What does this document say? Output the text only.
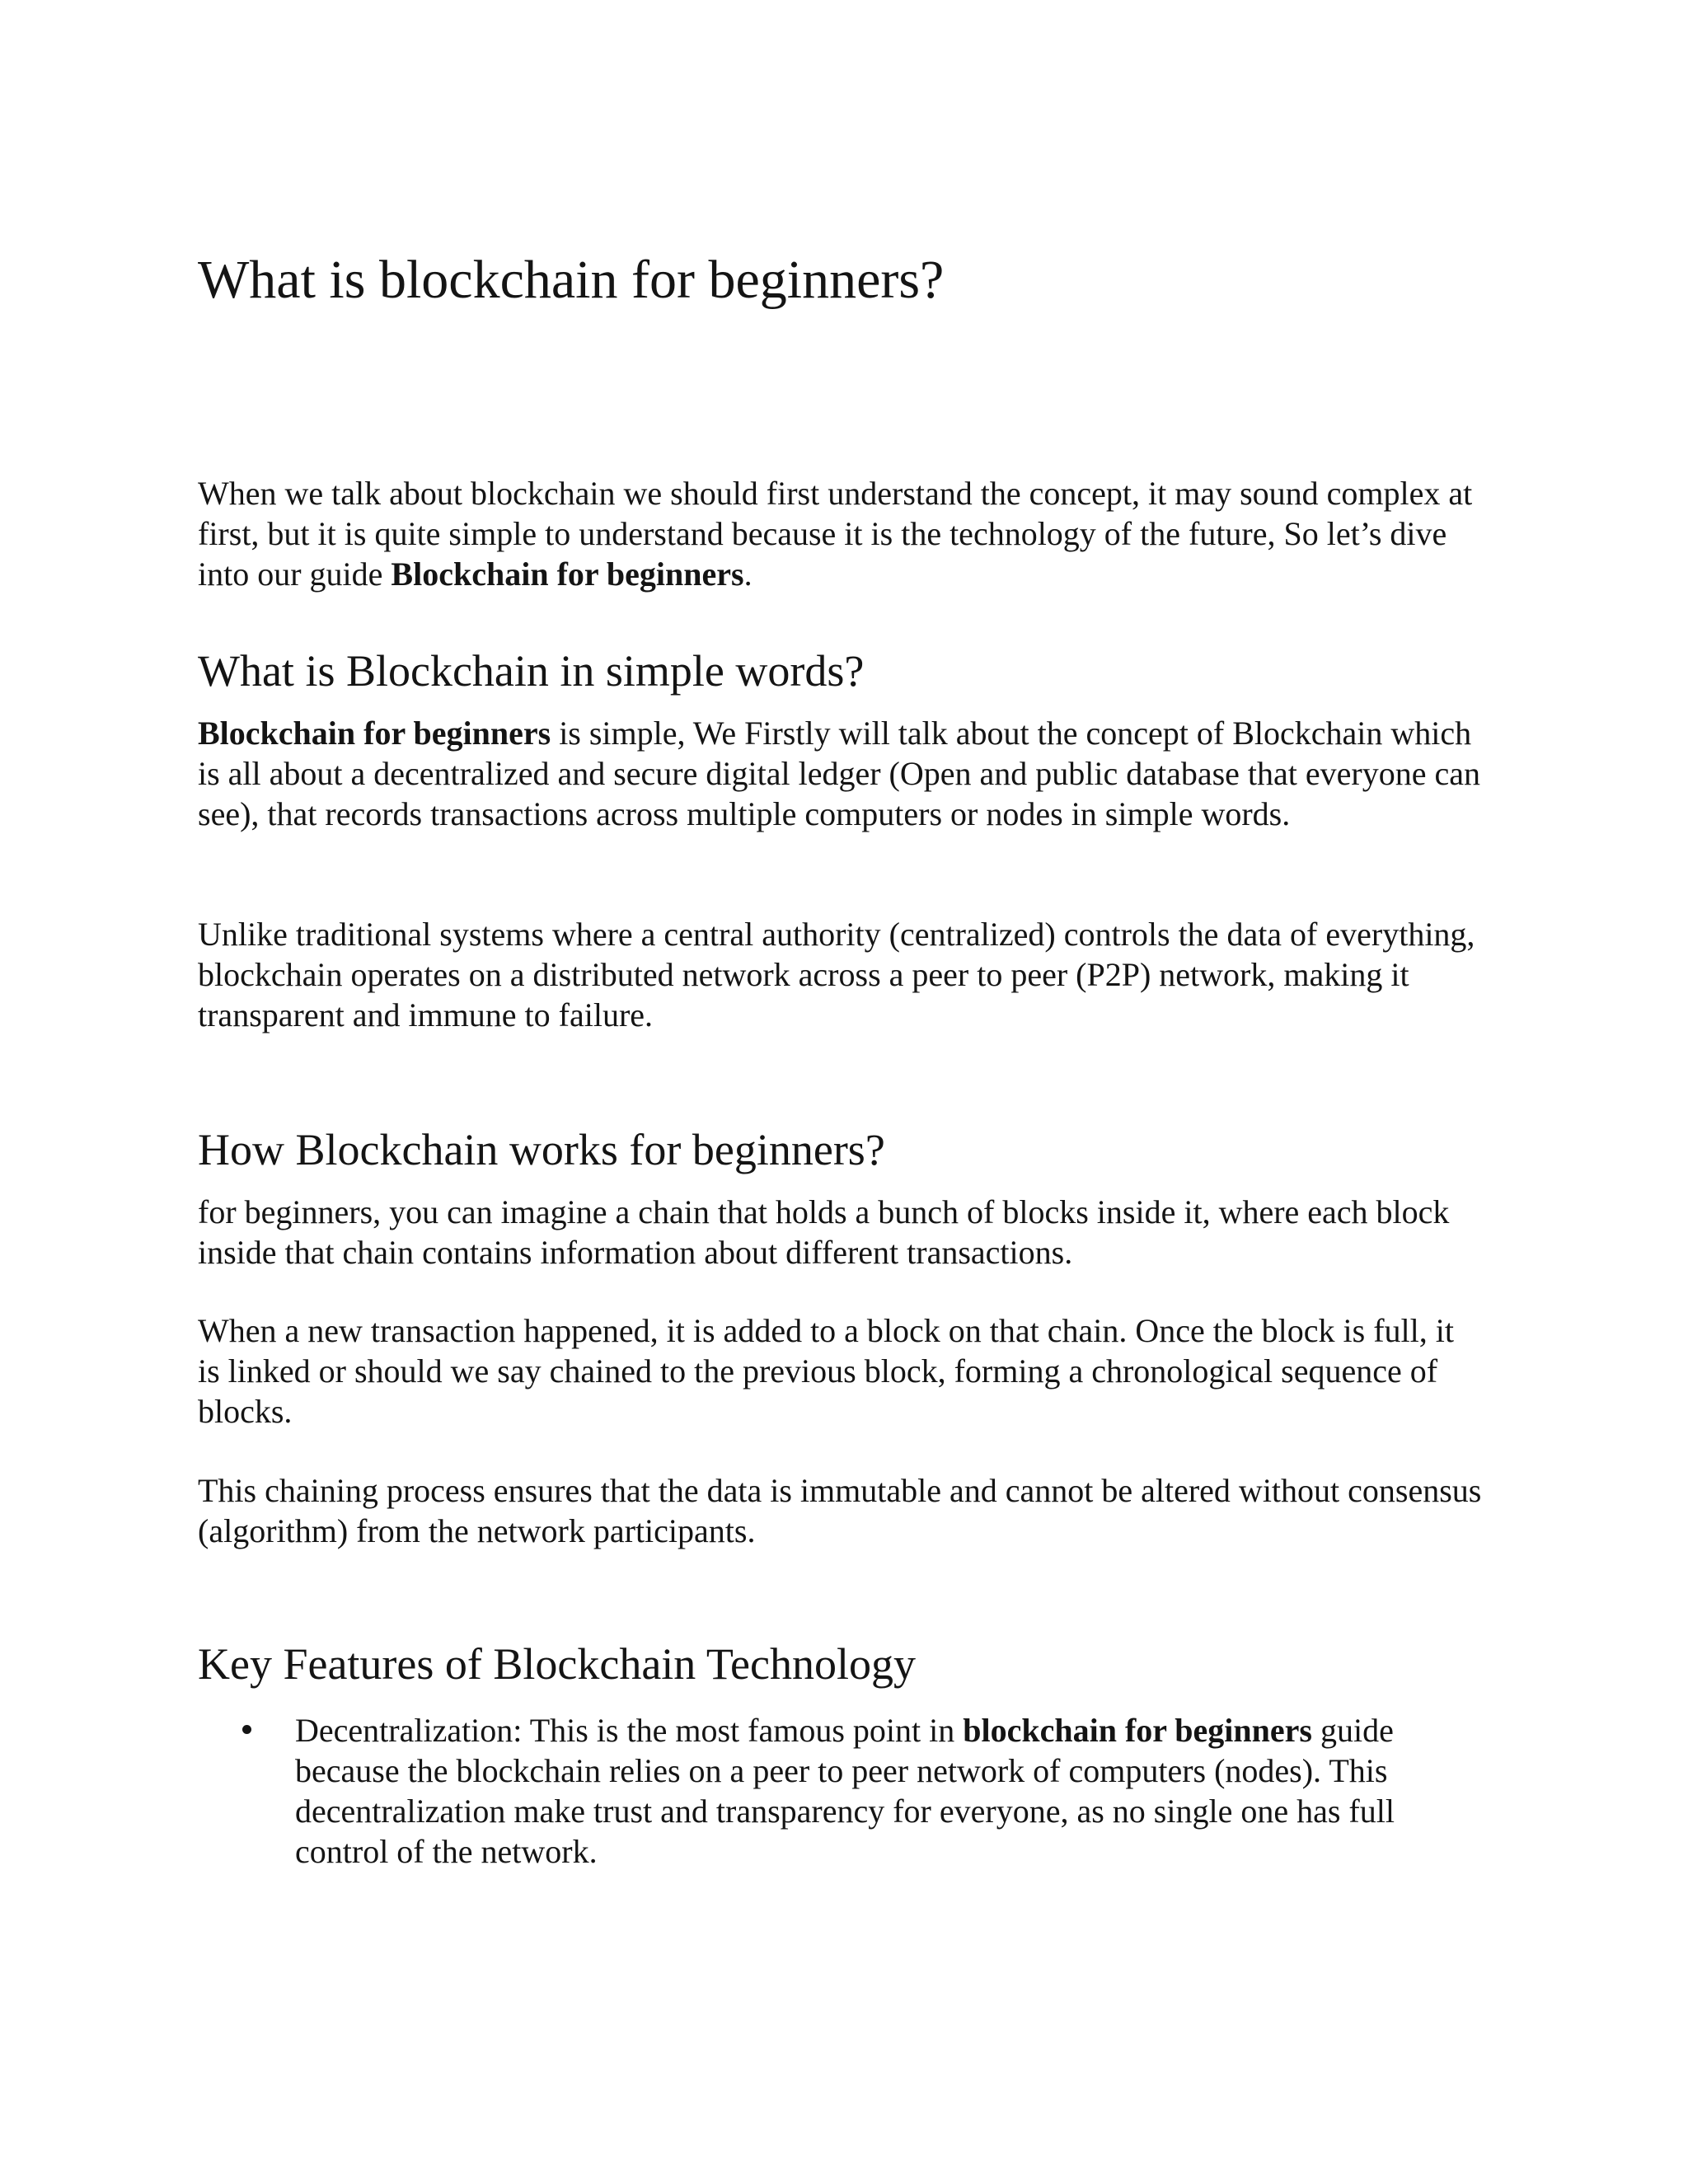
What is blockchain for beginners?

When we talk about blockchain we should first understand the concept, it may sound complex at first, but it is quite simple to understand because it is the technology of the future, So let’s dive into our guide Blockchain for beginners.

What is Blockchain in simple words?

Blockchain for beginners is simple, We Firstly will talk about the concept of Blockchain which is all about a decentralized and secure digital ledger (Open and public database that everyone can see), that records transactions across multiple computers or nodes in simple words.

Unlike traditional systems where a central authority (centralized) controls the data of everything, blockchain operates on a distributed network across a peer to peer (P2P) network, making it transparent and immune to failure.

How Blockchain works for beginners?

for beginners, you can imagine a chain that holds a bunch of blocks inside it, where each block inside that chain contains information about different transactions.

When a new transaction happened, it is added to a block on that chain. Once the block is full, it is linked or should we say chained to the previous block, forming a chronological sequence of blocks.

This chaining process ensures that the data is immutable and cannot be altered without consensus (algorithm) from the network participants.

Key Features of Blockchain Technology
Decentralization: This is the most famous point in blockchain for beginners guide because the blockchain relies on a peer to peer network of computers (nodes). This decentralization make trust and transparency for everyone, as no single one has full control of the network.
